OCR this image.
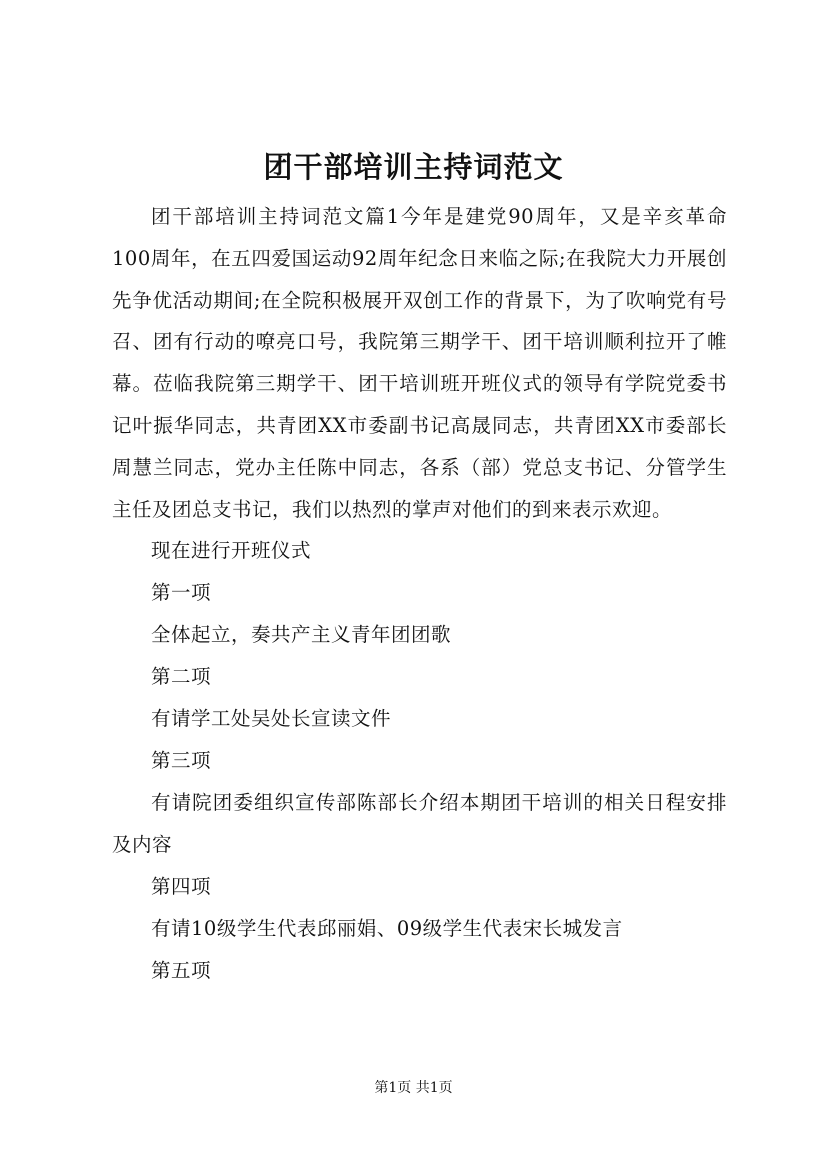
团干部培训主持词范文

团干部培训主持词范文篇1今年是建党90周年，又是辛亥革命100周年，在五四爱国运动92周年纪念日来临之际;在我院大力开展创先争优活动期间;在全院积极展开双创工作的背景下，为了吹响党有号召、团有行动的嘹亮口号，我院第三期学干、团干培训顺利拉开了帷幕。莅临我院第三期学干、团干培训班开班仪式的领导有学院党委书记叶振华同志，共青团XX市委副书记高晟同志，共青团XX市委部长周慧兰同志，党办主任陈中同志，各系（部）党总支书记、分管学生主任及团总支书记，我们以热烈的掌声对他们的到来表示欢迎。

现在进行开班仪式

第一项

全体起立，奏共产主义青年团团歌

第二项

有请学工处吴处长宣读文件

第三项

有请院团委组织宣传部陈部长介绍本期团干培训的相关日程安排及内容

第四项

有请10级学生代表邱丽娟、09级学生代表宋长城发言

第五项

第1页 共1页
